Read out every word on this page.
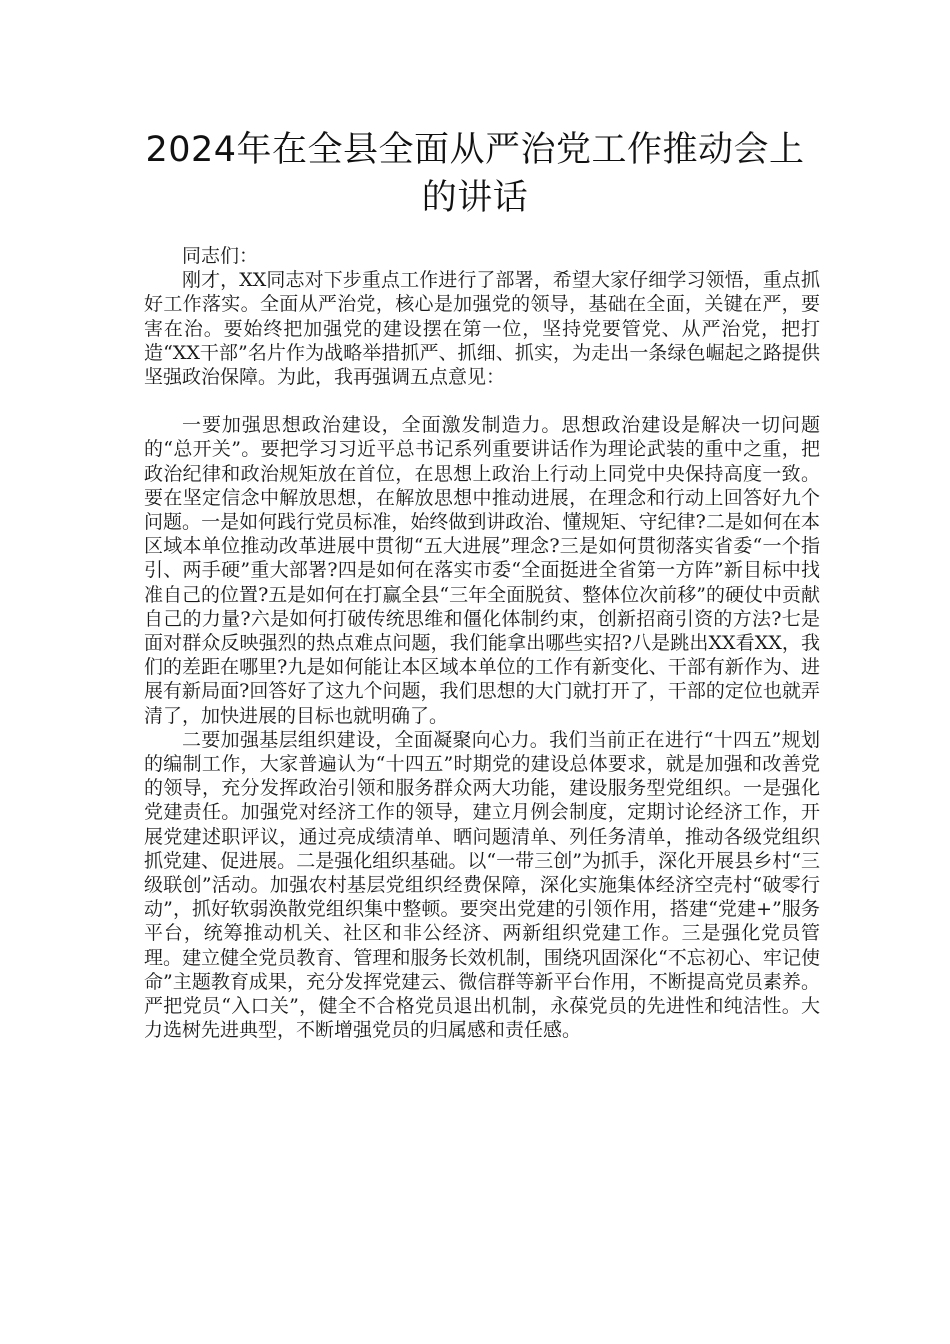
2024年在全县全面从严治党工作推动会上的讲话

同志们：

刚才，XX同志对下步重点工作进行了部署，希望大家仔细学习领悟，重点抓好工作落实。全面从严治党，核心是加强党的领导，基础在全面，关键在严，要害在治。要始终把加强党的建设摆在第一位，坚持党要管党、从严治党，把打造“XX干部”名片作为战略举措抓严、抓细、抓实，为走出一条绿色崛起之路提供坚强政治保障。为此，我再强调五点意见：

一要加强思想政治建设，全面激发制造力。思想政治建设是解决一切问题的“总开关”。要把学习习近平总书记系列重要讲话作为理论武装的重中之重，把政治纪律和政治规矩放在首位，在思想上政治上行动上同党中央保持高度一致。要在坚定信念中解放思想，在解放思想中推动进展，在理念和行动上回答好九个问题。一是如何践行党员标准，始终做到讲政治、懂规矩、守纪律?二是如何在本区域本单位推动改革进展中贯彻“五大进展”理念?三是如何贯彻落实省委“一个指引、两手硬”重大部署?四是如何在落实市委“全面挺进全省第一方阵”新目标中找准自己的位置?五是如何在打赢全县“三年全面脱贫、整体位次前移”的硬仗中贡献自己的力量?六是如何打破传统思维和僵化体制约束，创新招商引资的方法?七是面对群众反映强烈的热点难点问题，我们能拿出哪些实招?八是跳出XX看XX，我们的差距在哪里?九是如何能让本区域本单位的工作有新变化、干部有新作为、进展有新局面?回答好了这九个问题，我们思想的大门就打开了，干部的定位也就弄清了，加快进展的目标也就明确了。

二要加强基层组织建设，全面凝聚向心力。我们当前正在进行“十四五”规划的编制工作，大家普遍认为“十四五”时期党的建设总体要求，就是加强和改善党的领导，充分发挥政治引领和服务群众两大功能，建设服务型党组织。一是强化党建责任。加强党对经济工作的领导，建立月例会制度，定期讨论经济工作，开展党建述职评议，通过亮成绩清单、晒问题清单、列任务清单，推动各级党组织抓党建、促进展。二是强化组织基础。以“一带三创”为抓手，深化开展县乡村“三级联创”活动。加强农村基层党组织经费保障，深化实施集体经济空壳村“破零行动”，抓好软弱涣散党组织集中整顿。要突出党建的引领作用，搭建“党建+”服务平台，统筹推动机关、社区和非公经济、两新组织党建工作。三是强化党员管理。建立健全党员教育、管理和服务长效机制，围绕巩固深化“不忘初心、牢记使命”主题教育成果，充分发挥党建云、微信群等新平台作用，不断提高党员素养。严把党员“入口关”，健全不合格党员退出机制，永葆党员的先进性和纯洁性。大力选树先进典型，不断增强党员的归属感和责任感。
